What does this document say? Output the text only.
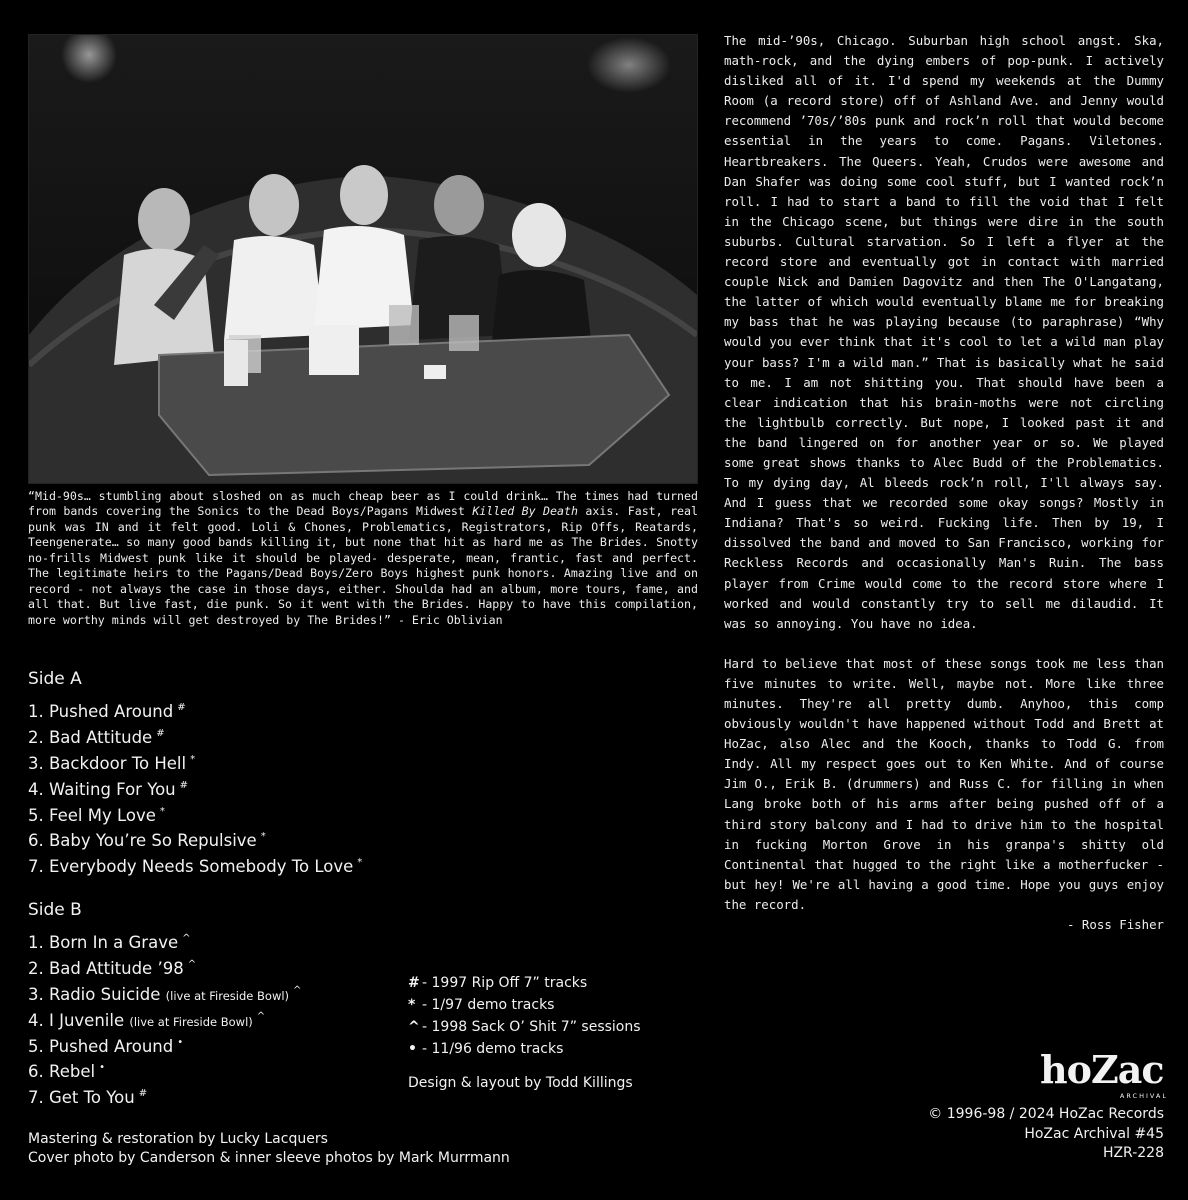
“Mid-90s… stumbling about sloshed on as much cheap beer as I could drink… The times had turned from bands covering the Sonics to the Dead Boys/Pagans Midwest Killed By Death axis. Fast, real punk was IN and it felt good. Loli & Chones, Problematics, Registrators, Rip Offs, Reatards, Teengenerate… so many good bands killing it, but none that hit as hard me as The Brides. Snotty no-frills Midwest punk like it should be played- desperate, mean, frantic, fast and perfect. The legitimate heirs to the Pagans/Dead Boys/Zero Boys highest punk honors. Amazing live and on record - not always the case in those days, either. Shoulda had an album, more tours, fame, and all that. But live fast, die punk. So it went with the Brides. Happy to have this compilation, more worthy minds will get destroyed by The Brides!” - Eric Oblivian

The mid-’90s, Chicago. Suburban high school angst. Ska, math-rock, and the dying embers of pop-punk. I actively disliked all of it. I'd spend my weekends at the Dummy Room (a record store) off of Ashland Ave. and Jenny would recommend ’70s/’80s punk and rock’n roll that would become essential in the years to come. Pagans. Viletones. Heartbreakers. The Queers. Yeah, Crudos were awesome and Dan Shafer was doing some cool stuff, but I wanted rock’n roll. I had to start a band to fill the void that I felt in the Chicago scene, but things were dire in the south suburbs. Cultural starvation. So I left a flyer at the record store and eventually got in contact with married couple Nick and Damien Dagovitz and then The O'Langatang, the latter of which would eventually blame me for breaking my bass that he was playing because (to paraphrase) “Why would you ever think that it's cool to let a wild man play your bass? I'm a wild man.” That is basically what he said to me. I am not shitting you. That should have been a clear indication that his brain-moths were not circling the lightbulb correctly. But nope, I looked past it and the band lingered on for another year or so. We played some great shows thanks to Alec Budd of the Problematics. To my dying day, Al bleeds rock’n roll, I'll always say. And I guess that we recorded some okay songs? Mostly in Indiana? That's so weird. Fucking life. Then by 19, I dissolved the band and moved to San Francisco, working for Reckless Records and occasionally Man's Ruin. The bass player from Crime would come to the record store where I worked and would constantly try to sell me dilaudid. It was so annoying. You have no idea.

Hard to believe that most of these songs took me less than five minutes to write. Well, maybe not. More like three minutes. They're all pretty dumb. Anyhoo, this comp obviously wouldn't have happened without Todd and Brett at HoZac, also Alec and the Kooch, thanks to Todd G. from Indy. All my respect goes out to Ken White. And of course Jim O., Erik B. (drummers) and Russ C. for filling in when Lang broke both of his arms after being pushed off of a third story balcony and I had to drive him to the hospital in fucking Morton Grove in his granpa's shitty old Continental that hugged to the right like a motherfucker - but hey! We're all having a good time. Hope you guys enjoy the record.

- Ross Fisher
Side A
1. Pushed Around #
2. Bad Attitude #
3. Backdoor To Hell *
4. Waiting For You #
5. Feel My Love *
6. Baby You’re So Repulsive *
7. Everybody Needs Somebody To Love *
Side B
1. Born In a Grave ^
2. Bad Attitude ’98 ^
3. Radio Suicide (live at Fireside Bowl) ^
4. I Juvenile (live at Fireside Bowl) ^
5. Pushed Around •
6. Rebel •
7. Get To You #
# - 1997 Rip Off 7” tracks
* - 1/97 demo tracks
^ - 1998 Sack O’ Shit 7” sessions
• - 11/96 demo tracks
Design & layout by Todd Killings
Mastering & restoration by Lucky Lacquers
Cover photo by Canderson & inner sleeve photos by Mark Murrmann
hoZac
ARCHIVAL
© 1996-98 / 2024 HoZac Records
HoZac Archival #45
HZR-228
